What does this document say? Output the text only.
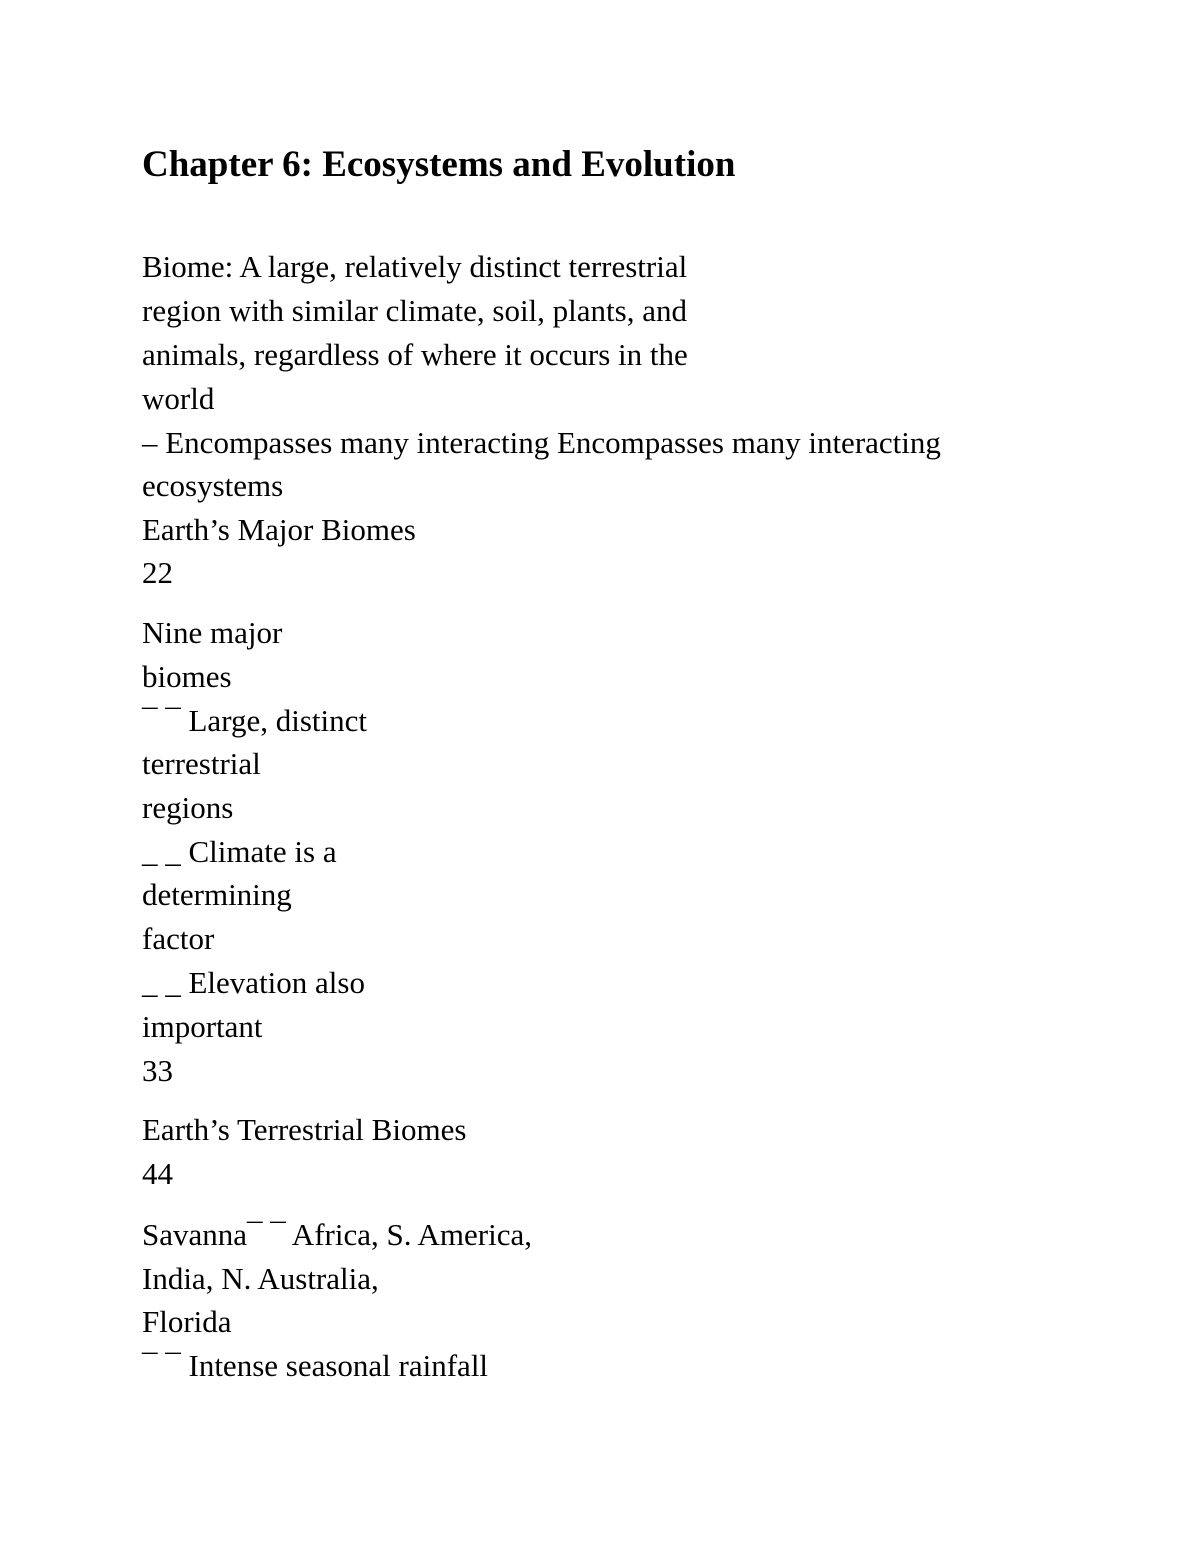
Chapter 6: Ecosystems and Evolution

Biome: A large, relatively distinct terrestrial

region with similar climate, soil, plants, and

animals, regardless of where it occurs in the

world

– Encompasses many interacting Encompasses many interacting

ecosystems

Earth’s Major Biomes

22

Nine major

biomes

¯ ¯ Large, distinct

terrestrial

regions

_ _ Climate is a

determining

factor

_ _ Elevation also

important

33

Earth’s Terrestrial Biomes

44

Savanna¯ ¯ Africa, S. America,

India, N. Australia,

Florida

¯ ¯ Intense seasonal rainfall
